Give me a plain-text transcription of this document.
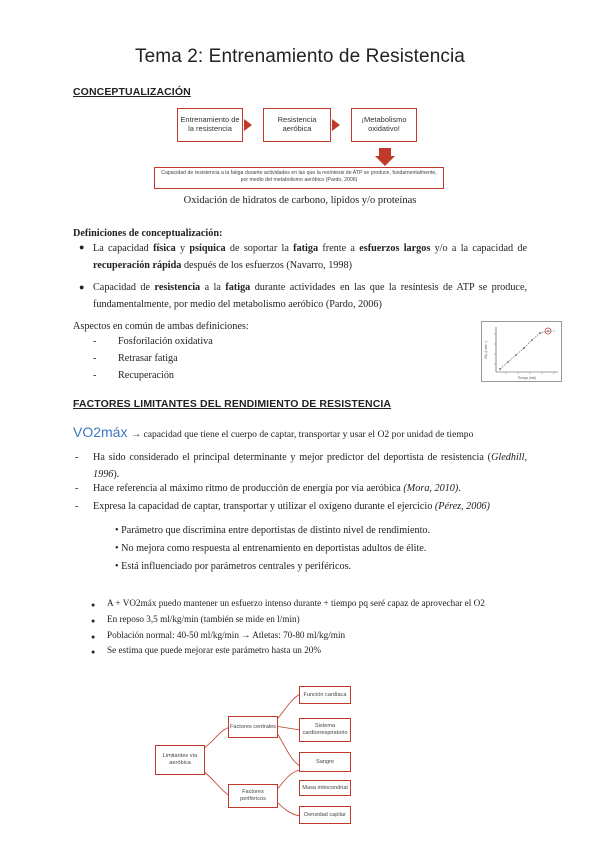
Tema 2: Entrenamiento de Resistencia
CONCEPTUALIZACIÓN
Entrenamiento de la resistencia
Resistencia aeróbica
¡Metabolismo oxidativo!
Capacidad de resistencia a la fatiga durante actividades en las que la resíntesis de ATP se produce, fundamentalmente, por medio del metabolismo aeróbico (Pardo, 2006)
Oxidación de hidratos de carbono, lípidos y/o proteínas
Definiciones de conceptualización:
● La capacidad física y psíquica de soportar la fatiga frente a esfuerzos largos y/o a la capacidad de recuperación rápida después de los esfuerzos (Navarro, 1998)
● Capacidad de resistencia a la fatiga durante actividades en las que la resíntesis de ATP se produce, fundamentalmente, por medio del metabolismo aeróbico (Pardo, 2006)
Aspectos en común de ambas definiciones:
- Fosforilación oxidativa
- Retrasar fatiga
- Recuperación	Tiempo (min)
VO₂ (l·min⁻¹)
FACTORES LIMITANTES DEL RENDIMIENTO DE RESISTENCIA
VO2máx → capacidad que tiene el cuerpo de captar, transportar y usar el O2 por unidad de tiempo
- Ha sido considerado el principal determinante y mejor predictor del deportista de resistencia (Gledhill, 1996).
- Hace referencia al máximo ritmo de producción de energía por vía aeróbica (Mora, 2010).
- Expresa la capacidad de captar, transportar y utilizar el oxígeno durante el ejercicio (Pérez, 2006)
• Parámetro que discrimina entre deportistas de distinto nivel de rendimiento.
• No mejora como respuesta al entrenamiento en deportistas adultos de élite.
• Está influenciado por parámetros centrales y periféricos.
● A + VO2máx puedo mantener un esfuerzo intenso durante + tiempo pq seré capaz de aprovechar el O2
● En reposo 3,5 ml/kg/min (también se mide en l/min)
● Población normal: 40-50 ml/kg/min → Atletas: 70-80 ml/kg/min
● Se estima que puede mejorar este parámetro hasta un 20%
Limitantes vía aeróbica
Factores centrales
Factores periféricos
Función cardíaca
Sistema cardiorrespiratorio
Sangre
Masa mitocondrial
Densidad capilar
